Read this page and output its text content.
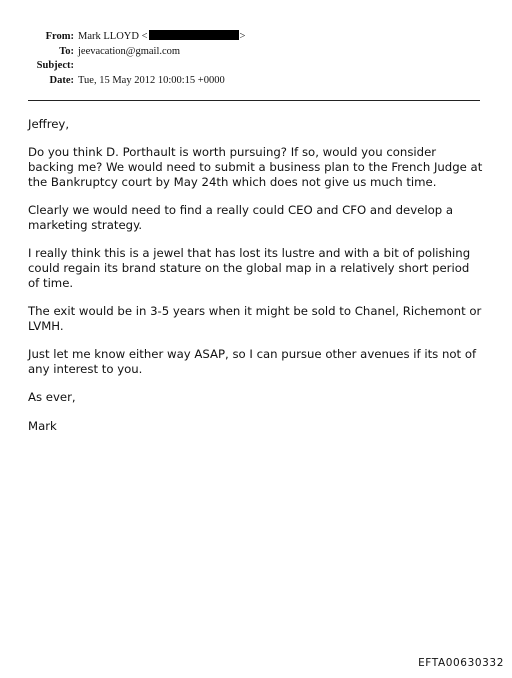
From: Mark LLOYD <	>
To: jeevacation@gmail.com
Subject:
Date: Tue, 15 May 2012 10:00:15 +0000

Jeffrey,

Do you think D. Porthault is worth pursuing? If so, would you consider backing me? We would need to submit a business plan to the French Judge at the Bankruptcy court by May 24th which does not give us much time.

Clearly we would need to find a really could CEO and CFO and develop a marketing strategy.

I really think this is a jewel that has lost its lustre and with a bit of polishing could regain its brand stature on the global map in a relatively short period of time.

The exit would be in 3-5 years when it might be sold to Chanel, Richemont or LVMH.

Just let me know either way ASAP, so I can pursue other avenues if its not of any interest to you.

As ever,

Mark

EFTA00630332
